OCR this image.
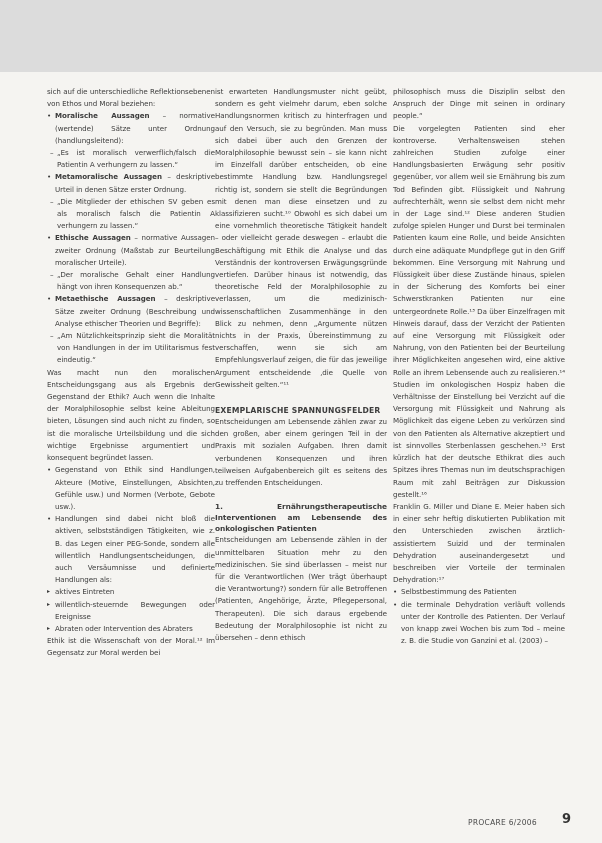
sich auf die unterschiedliche Reflektionsebenen von Ethos und Moral beziehen:

• Moralische Aussagen – normative (wertende) Sätze unter Ordnung (handlungsleitend):
– „Es ist moralisch verwerflich/falsch die Patientin A verhungern zu lassen.“
• Metamoralische Aussagen – deskriptive Urteil in denen Sätze erster Ordnung.
– „Die Mitglieder der ethischen SV geben es als moralisch falsch die Patientin A verhungern zu lassen.“
• Ethische Aussagen – normative Aussagen zweiter Ordnung (Maßstab zur Beurteilung moralischer Urteile).
– „Der moralische Gehalt einer Handlung hängt von ihren Konsequenzen ab.“
• Metaethische Aussagen – deskriptive Sätze zweiter Ordnung (Beschreibung und Analyse ethischer Theorien und Begriffe):
– „Am Nützlichkeitsprinzip sieht die Moralität von Handlungen in der im Utilitarismus fest eindeutig.“

Was macht nun den moralischen Entscheidungsgang aus als Ergebnis der Gegenstand der Ethik? Auch wenn die Inhalte der Moralphilosophie selbst keine Ableitung bieten, Lösungen sind auch nicht zu finden, so ist die moralische Urteilsbildung und die sich wichtige Ergebnisse argumentiert und konsequent begründet lassen.

• Gegenstand von Ethik sind Handlungen, Akteure (Motive, Einstellungen, Absichten, Gefühle usw.) und Normen (Verbote, Gebote usw.).
• Handlungen sind dabei nicht bloß die aktiven, selbstständigen Tätigkeiten, wie z. B. das Legen einer PEG-Sonde, sondern alle willentlich Handlungsentscheidungen, die auch Versäumnisse und definierte Handlungen als:
▸ aktives Eintreten
▸ willentlich-steuernde Bewegungen oder Ereignisse
▸ Abraten oder Intervention des Abraters

Ethik ist die Wissenschaft von der Moral.¹² Im Gegensatz zur Moral werden bei

ist erwarteten Handlungsmuster nicht geübt, sondern es geht vielmehr darum, eben solche Handlungsnormen kritisch zu hinterfragen und auf den Versuch, sie zu begründen. Man muss sich dabei über auch den Grenzen der Moralphilosophie bewusst sein – sie kann nicht im Einzelfall darüber entscheiden, ob eine bestimmte Handlung bzw. Handlungsregel richtig ist, sondern sie stellt die Begründungen mit denen man diese einsetzen und zu klassifizieren sucht.¹⁰ Obwohl es sich dabei um eine vornehmlich theoretische Tätigkeit handelt – oder vielleicht gerade deswegen – erlaubt die Beschäftigung mit Ethik die Analyse und das Verständnis der kontroversen Erwägungsgründe vertiefen. Darüber hinaus ist notwendig, das theoretische Feld der Moralphilosophie zu verlassen, um die medizinisch-wissenschaftlichen Zusammenhänge in den Blick zu nehmen, denn „Argumente nützen nichts in der Praxis, Übereinstimmung zu verschaffen, wenn sie sich am Empfehlungsverlauf zeigen, die für das jeweilige Argument entscheidende ‚die Quelle von Gewissheit gelten.“¹¹

EXEMPLARISCHE SPANNUNGSFELDER

Entscheidungen am Lebensende zählen zwar zu den großen, aber einem geringen Teil in der Praxis mit sozialen Aufgaben. Ihren damit verbundenen Konsequenzen und ihren teilweisen Aufgabenbereich gilt es seitens des zu treffenden Entscheidungen.

1. Ernährungstherapeutische Interventionen am Lebensende des onkologischen Patienten

Entscheidungen am Lebensende zählen in der unmittelbaren Situation mehr zu den medizinischen. Sie sind überlassen – meist nur für die Verantwortlichen (Wer trägt überhaupt die Verantwortung?) sondern für alle Betroffenen (Patienten, Angehörige, Ärzte, Pflegepersonal, Therapeuten). Die sich daraus ergebende Bedeutung der Moralphilosophie ist nicht zu übersehen – denn ethisch

philosophisch muss die Disziplin selbst den Anspruch der Dinge mit seinen in ordinary people.“

Die vorgelegten Patienten sind eher kontroverse. Verhaltensweisen stehen zahlreichen Studien zufolge einer Handlungsbasierten Erwägung sehr positiv gegenüber, vor allem weil sie Ernährung bis zum Tod Befinden gibt. Flüssigkeit und Nahrung aufrechterhält, wenn sie selbst dem nicht mehr in der Lage sind.¹² Diese anderen Studien zufolge spielen Hunger und Durst bei terminalen Patienten kaum eine Rolle, und beide Ansichten durch eine adäquate Mundpflege gut in den Griff bekommen. Eine Versorgung mit Nahrung und Flüssigkeit über diese Zustände hinaus, spielen in der Sicherung des Komforts bei einer Schwerstkranken Patienten nur eine untergeordnete Rolle.¹³ Da über Einzelfragen mit Hinweis darauf, dass der Verzicht der Patienten auf eine Versorgung mit Flüssigkeit oder Nahrung, von den Patienten bei der Beurteilung ihrer Möglichkeiten angesehen wird, eine aktive Rolle an ihrem Lebensende auch zu realisieren.¹⁴ Studien im onkologischen Hospiz haben die Verhältnisse der Einstellung bei Verzicht auf die Versorgung mit Flüssigkeit und Nahrung als Möglichkeit das eigene Leben zu verkürzen sind von den Patienten als Alternative akzeptiert und ist sinnvolles Sterbenlassen geschehen.¹⁵ Erst kürzlich hat der deutsche Ethikrat dies auch Spitzes ihres Themas nun im deutschsprachigen Raum mit zahl Beiträgen zur Diskussion gestellt.¹⁶

Franklin G. Miller und Diane E. Meier haben sich in einer sehr heftig diskutierten Publikation mit den Unterschieden zwischen ärztlich-assistiertem Suizid und der terminalen Dehydration auseinandergesetzt und beschreiben vier Vorteile der terminalen Dehydration:¹⁷

• Selbstbestimmung des Patienten
• die terminale Dehydration verläuft vollends unter der Kontrolle des Patienten. Der Verlauf von knapp zwei Wochen bis zum Tod – meine z. B. die Studie von Ganzini et al. (2003) –
PROCARE 6/2006 9
